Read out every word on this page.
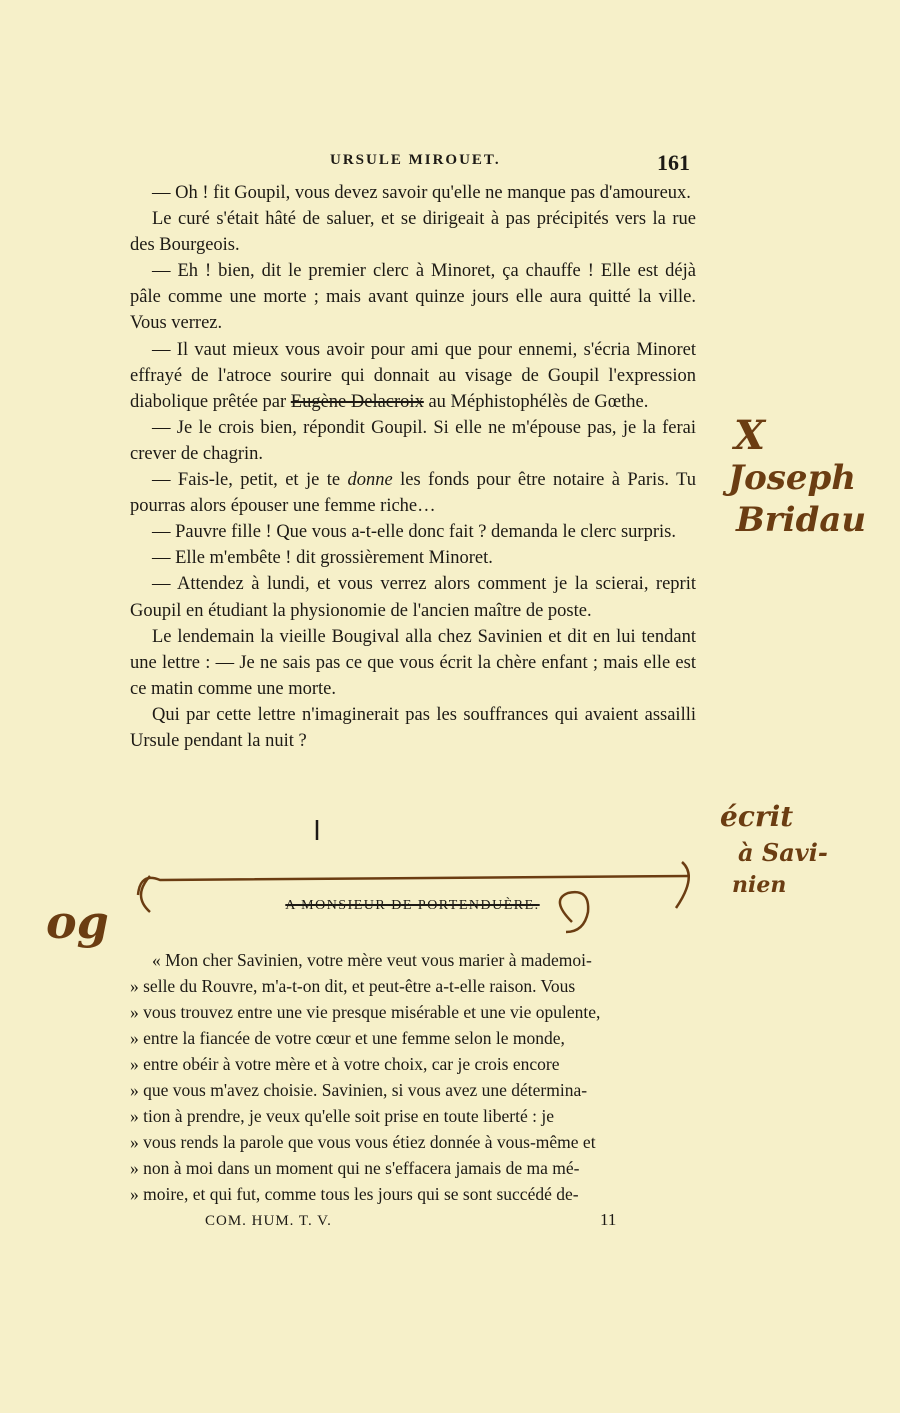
URSULE MIROUET.	161

— Oh ! fit Goupil, vous devez savoir qu'elle ne manque pas d'amoureux.

Le curé s'était hâté de saluer, et se dirigeait à pas précipités vers la rue des Bourgeois.

— Eh ! bien, dit le premier clerc à Minoret, ça chauffe ! Elle est déjà pâle comme une morte ; mais avant quinze jours elle aura quitté la ville. Vous verrez.

— Il vaut mieux vous avoir pour ami que pour ennemi, s'écria Minoret effrayé de l'atroce sourire qui donnait au visage de Goupil l'expression diabolique prêtée par Eugène Delacroix au Méphistophélès de Gœthe.

— Je le crois bien, répondit Goupil. Si elle ne m'épouse pas, je la ferai crever de chagrin.

— Fais-le, petit, et je te donne les fonds pour être notaire à Paris. Tu pourras alors épouser une femme riche…

— Pauvre fille ! Que vous a-t-elle donc fait ? demanda le clerc surpris.

— Elle m'embête ! dit grossièrement Minoret.

— Attendez à lundi, et vous verrez alors comment je la scierai, reprit Goupil en étudiant la physionomie de l'ancien maître de poste.

Le lendemain la vieille Bougival alla chez Savinien et dit en lui tendant une lettre : — Je ne sais pas ce que vous écrit la chère enfant ; mais elle est ce matin comme une morte.

Qui par cette lettre n'imaginerait pas les souffrances qui avaient assailli Ursule pendant la nuit ?

A MONSIEUR DE PORTENDUÈRE.

« Mon cher Savinien, votre mère veut vous marier à mademoi-

» selle du Rouvre, m'a-t-on dit, et peut-être a-t-elle raison. Vous

» vous trouvez entre une vie presque misérable et une vie opulente,

» entre la fiancée de votre cœur et une femme selon le monde,

» entre obéir à votre mère et à votre choix, car je crois encore

» que vous m'avez choisie. Savinien, si vous avez une détermina-

» tion à prendre, je veux qu'elle soit prise en toute liberté : je

» vous rends la parole que vous vous étiez donnée à vous-même et

» non à moi dans un moment qui ne s'effacera jamais de ma mé-

» moire, et qui fut, comme tous les jours qui se sont succédé de-

COM. HUM. T. V.	11
X
Joseph
Bridau
écrit
à Savi-
nien
og
